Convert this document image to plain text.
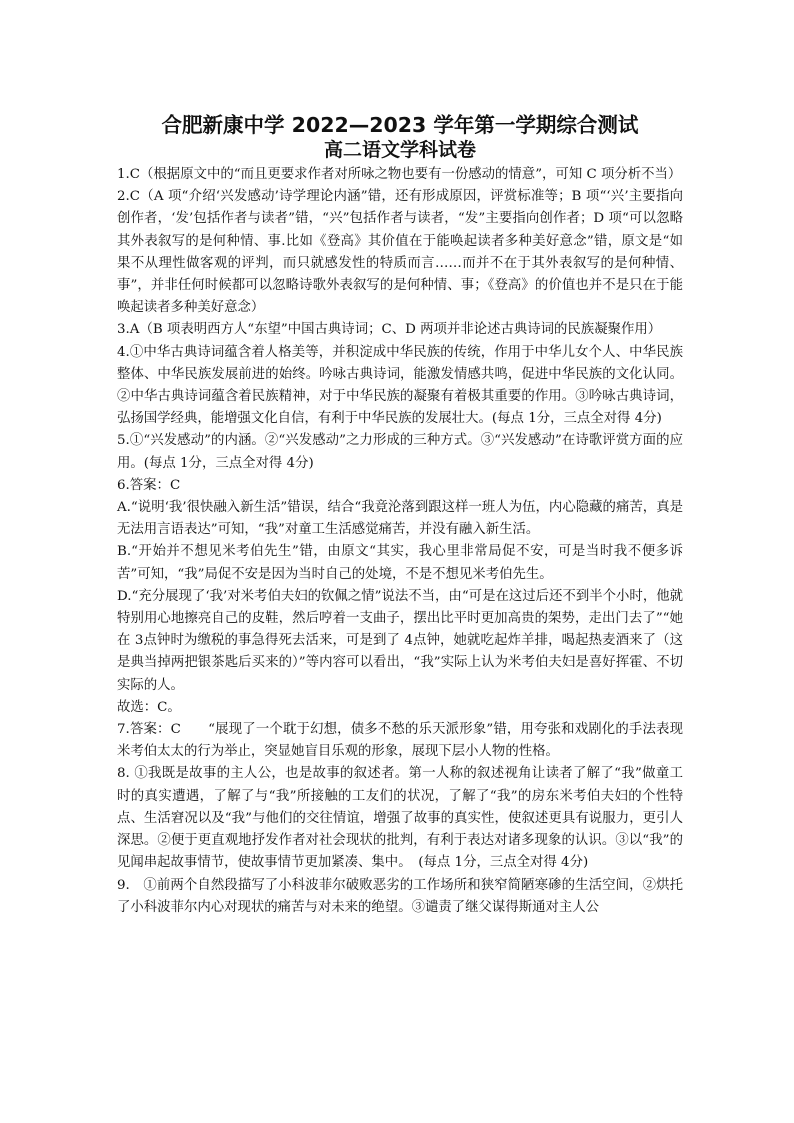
合肥新康中学 2022—2023 学年第一学期综合测试
高二语文学科试卷

1.C（根据原文中的“而且更要求作者对所咏之物也要有一份感动的情意”，可知 C 项分析不当）

2.C（A 项“介绍‘兴发感动’诗学理论内涵”错，还有形成原因，评赏标准等；B 项“‘兴’主要指向创作者，‘发’包括作者与读者”错，“兴”包括作者与读者，“发”主要指向创作者；D 项“可以忽略其外表叙写的是何种情、事.比如《登高》其价值在于能唤起读者多种美好意念”错，原文是“如果不从理性做客观的评判，而只就感发性的特质而言……而并不在于其外表叙写的是何种情、事”，并非任何时候都可以忽略诗歌外表叙写的是何种情、事；《登高》的价值也并不是只在于能唤起读者多种美好意念）

3.A（B 项表明西方人“东望”中国古典诗词；C、D 两项并非论述古典诗词的民族凝聚作用）

4.①中华古典诗词蕴含着人格美等，并积淀成中华民族的传统，作用于中华儿女个人、中华民族整体、中华民族发展前进的始终。吟咏古典诗词，能激发情感共鸣，促进中华民族的文化认同。②中华古典诗词蕴含着民族精神，对于中华民族的凝聚有着极其重要的作用。③吟咏古典诗词，弘扬国学经典，能增强文化自信，有利于中华民族的发展壮大。(每点 1分，三点全对得 4分)

5.①“兴发感动”的内涵。②“兴发感动”之力形成的三种方式。③“兴发感动”在诗歌评赏方面的应用。(每点 1分，三点全对得 4分)

6.答案：C

A.“说明‘我’很快融入新生活”错误，结合“我竟沦落到跟这样一班人为伍，内心隐藏的痛苦，真是无法用言语表达”可知，“我”对童工生活感觉痛苦，并没有融入新生活。

B.“开始并不想见米考伯先生”错，由原文“其实，我心里非常局促不安，可是当时我不便多诉苦”可知，“我”局促不安是因为当时自己的处境，不是不想见米考伯先生。

D.“充分展现了‘我’对米考伯夫妇的钦佩之情”说法不当，由“可是在这过后还不到半个小时，他就特别用心地擦亮自己的皮鞋，然后哼着一支曲子，摆出比平时更加高贵的架势，走出门去了”“她在 3点钟时为缴税的事急得死去活来，可是到了 4点钟，她就吃起炸羊排，喝起热麦酒来了（这是典当掉两把银茶匙后买来的）”等内容可以看出，“我”实际上认为米考伯夫妇是喜好挥霍、不切实际的人。

故选：C。

7.答案：C　　“展现了一个耽于幻想，债多不愁的乐天派形象”错，用夸张和戏剧化的手法表现米考伯太太的行为举止，突显她盲目乐观的形象，展现下层小人物的性格。

8. ①我既是故事的主人公，也是故事的叙述者。第一人称的叙述视角让读者了解了“我”做童工时的真实遭遇，了解了与“我”所接触的工友们的状况，了解了“我”的房东米考伯夫妇的个性特点、生活窘况以及“我”与他们的交往情谊，增强了故事的真实性，使叙述更具有说服力，更引人深思。②便于更直观地抒发作者对社会现状的批判，有利于表达对诸多现象的认识。③以“我”的见闻串起故事情节，使故事情节更加紧凑、集中。　(每点 1分，三点全对得 4分)

9.　①前两个自然段描写了小科波菲尔破败恶劣的工作场所和狭窄简陋寒碜的生活空间，②烘托了小科波菲尔内心对现状的痛苦与对未来的绝望。③谴责了继父谋得斯通对主人公
